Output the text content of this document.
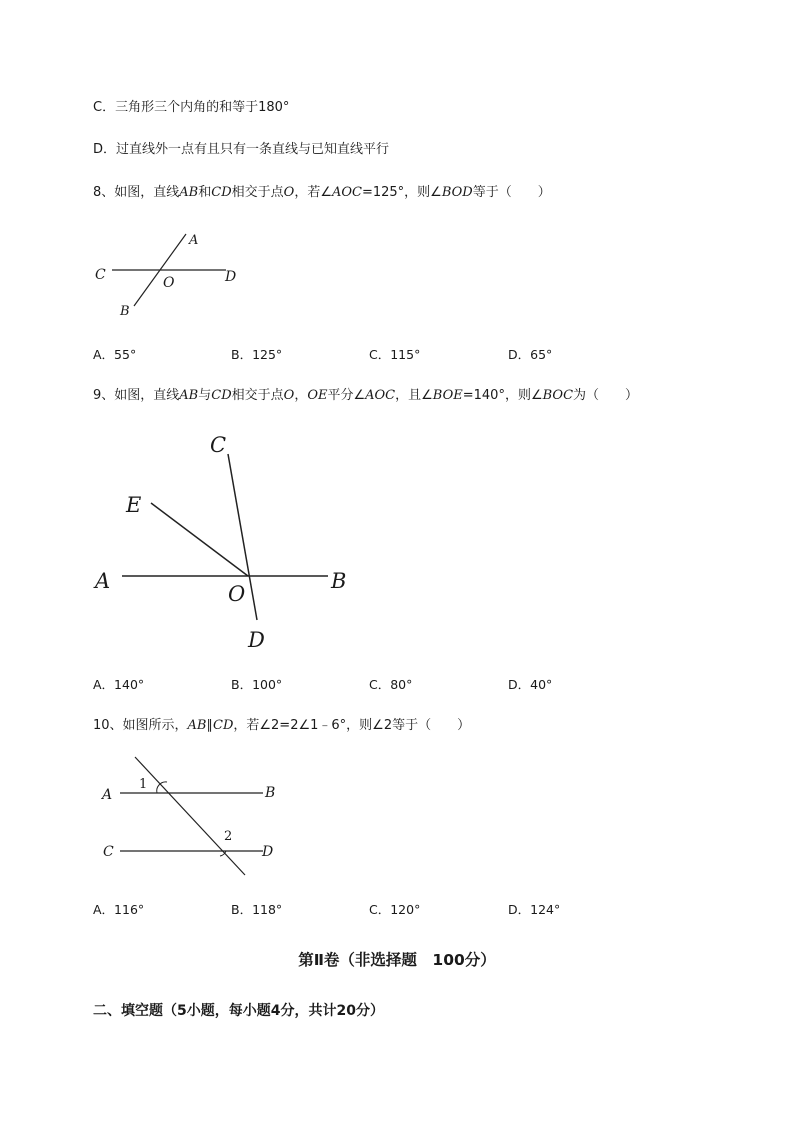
C．三角形三个内角的和等于180°
D．过直线外一点有且只有一条直线与已知直线平行
8、如图，直线AB和CD相交于点O，若∠AOC=125°，则∠BOD等于（　　）
A
C	D
O
B
A．55°	B．125°	C．115°	D．65°
9、如图，直线AB与CD相交于点O，OE平分∠AOC，且∠BOE=140°，则∠BOC为（　　）
C
E
A	B
O
D
A．140°	B．100°	C．80°	D．40°
10、如图所示，AB∥CD，若∠2=2∠1﹣6°，则∠2等于（　　）
A	B
C	D
1
2
A．116°	B．118°	C．120°	D．124°
第Ⅱ卷（非选择题　100分）
二、填空题（5小题，每小题4分，共计20分）
